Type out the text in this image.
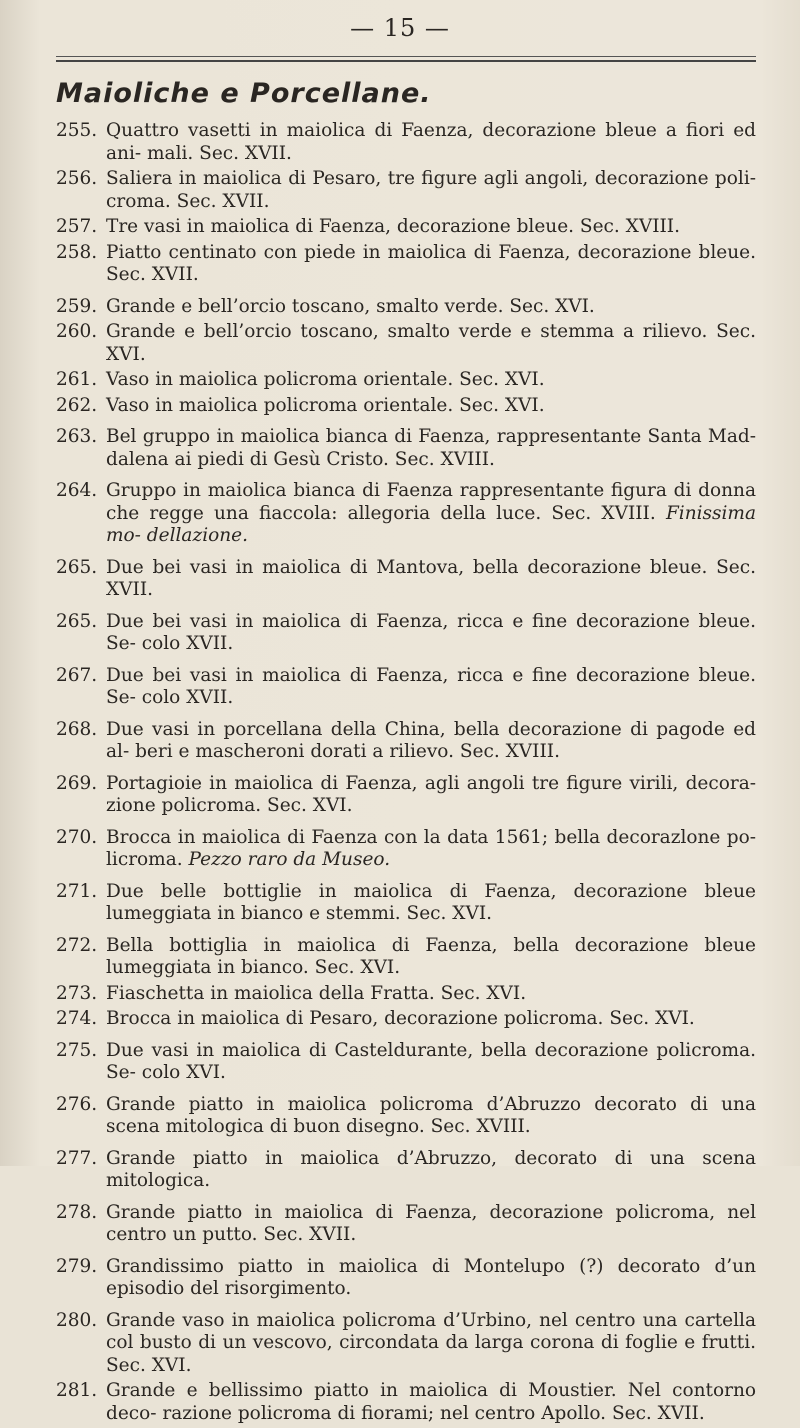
— 15 —
Maioliche e Porcellane.
255. Quattro vasetti in maiolica di Faenza, decorazione bleue a fiori ed ani- mali. Sec. XVII.
256. Saliera in maiolica di Pesaro, tre figure agli angoli, decorazione poli- croma. Sec. XVII.
257. Tre vasi in maiolica di Faenza, decorazione bleue. Sec. XVIII.
258. Piatto centinato con piede in maiolica di Faenza, decorazione bleue. Sec. XVII.
259. Grande e bell’orcio toscano, smalto verde. Sec. XVI.
260. Grande e bell’orcio toscano, smalto verde e stemma a rilievo. Sec. XVI.
261. Vaso in maiolica policroma orientale. Sec. XVI.
262. Vaso in maiolica policroma orientale. Sec. XVI.
263. Bel gruppo in maiolica bianca di Faenza, rappresentante Santa Mad- dalena ai piedi di Gesù Cristo. Sec. XVIII.
264. Gruppo in maiolica bianca di Faenza rappresentante figura di donna che regge una fiaccola: allegoria della luce. Sec. XVIII. Finissima mo- dellazione.
265. Due bei vasi in maiolica di Mantova, bella decorazione bleue. Sec. XVII.
265. Due bei vasi in maiolica di Faenza, ricca e fine decorazione bleue. Se- colo XVII.
267. Due bei vasi in maiolica di Faenza, ricca e fine decorazione bleue. Se- colo XVII.
268. Due vasi in porcellana della China, bella decorazione di pagode ed al- beri e mascheroni dorati a rilievo. Sec. XVIII.
269. Portagioie in maiolica di Faenza, agli angoli tre figure virili, decora- zione policroma. Sec. XVI.
270. Brocca in maiolica di Faenza con la data 1561; bella decorazlone po- licroma. Pezzo raro da Museo.
271. Due belle bottiglie in maiolica di Faenza, decorazione bleue lumeggiata in bianco e stemmi. Sec. XVI.
272. Bella bottiglia in maiolica di Faenza, bella decorazione bleue lumeggiata in bianco. Sec. XVI.
273. Fiaschetta in maiolica della Fratta. Sec. XVI.
274. Brocca in maiolica di Pesaro, decorazione policroma. Sec. XVI.
275. Due vasi in maiolica di Casteldurante, bella decorazione policroma. Se- colo XVI.
276. Grande piatto in maiolica policroma d’Abruzzo decorato di una scena mitologica di buon disegno. Sec. XVIII.
277. Grande piatto in maiolica d’Abruzzo, decorato di una scena mitologica.
278. Grande piatto in maiolica di Faenza, decorazione policroma, nel centro un putto. Sec. XVII.
279. Grandissimo piatto in maiolica di Montelupo (?) decorato d’un episodio del risorgimento.
280. Grande vaso in maiolica policroma d’Urbino, nel centro una cartella col busto di un vescovo, circondata da larga corona di foglie e frutti. Sec. XVI.
281. Grande e bellissimo piatto in maiolica di Moustier. Nel contorno deco- razione policroma di fiorami; nel centro Apollo. Sec. XVII.
